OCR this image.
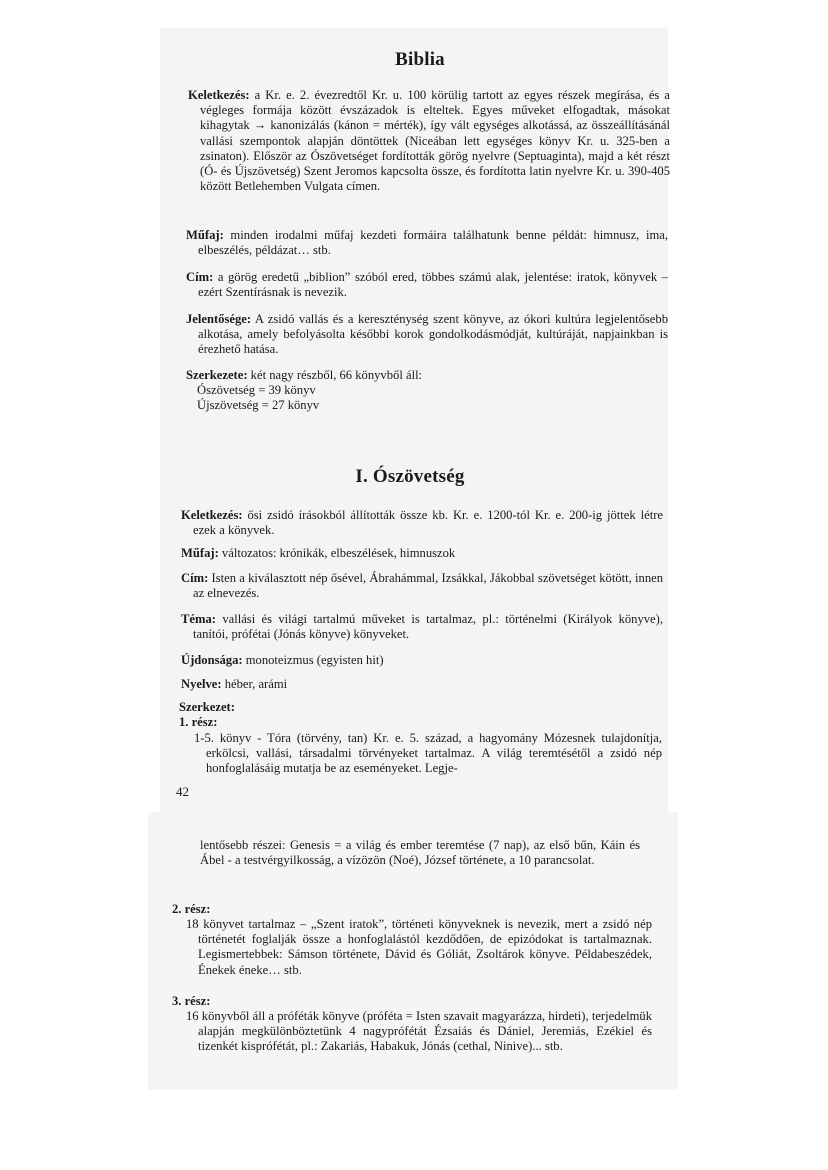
Biblia

Keletkezés: a Kr. e. 2. évezredtől Kr. u. 100 körülig tartott az egyes részek megírása, és a végleges formája között évszázadok is elteltek. Egyes műveket elfogadtak, másokat kihagytak → kanonizálás (kánon = mérték), így vált egységes alkotássá, az összeállításánál vallási szempontok alapján döntöttek (Niceában lett egységes könyv Kr. u. 325-ben a zsinaton). Először az Ószövetséget fordították görög nyelvre (Septuaginta), majd a két részt (Ó- és Újszövetség) Szent Jeromos kapcsolta össze, és fordította latin nyelvre Kr. u. 390-405 között Betlehemben Vulgata címen.

Műfaj: minden irodalmi műfaj kezdeti formáira találhatunk benne példát: himnusz, ima, elbeszélés, példázat… stb.

Cím: a görög eredetű „biblion” szóból ered, többes számú alak, jelentése: iratok, könyvek – ezért Szentírásnak is nevezik.

Jelentősége: A zsidó vallás és a kereszténység szent könyve, az ókori kultúra legjelentősebb alkotása, amely befolyásolta későbbi korok gondolkodásmódját, kultúráját, napjainkban is érezhető hatása.

Szerkezete: két nagy részből, 66 könyvből áll:

Ószövetség = 39 könyv

Újszövetség = 27 könyv

I. Ószövetség

Keletkezés: ősi zsidó írásokból állították össze kb. Kr. e. 1200-tól Kr. e. 200-ig jöttek létre ezek a könyvek.

Műfaj: változatos: krónikák, elbeszélések, himnuszok

Cím: Isten a kiválasztott nép ősével, Ábrahámmal, Izsákkal, Jákobbal szövetséget kötött, innen az elnevezés.

Téma: vallási és világi tartalmú műveket is tartalmaz, pl.: történelmi (Királyok könyve), tanítói, prófétai (Jónás könyve) könyveket.

Újdonsága: monoteizmus (egyisten hit)

Nyelve: héber, arámi

Szerkezet:

1. rész:

1-5. könyv - Tóra (törvény, tan) Kr. e. 5. század, a hagyomány Mózesnek tulajdonítja, erkölcsi, vallási, társadalmi törvényeket tartalmaz. A világ teremtésétől a zsidó nép honfoglalásáig mutatja be az eseményeket. Legje-

42

lentősebb részei: Genesis = a világ és ember teremtése (7 nap), az első bűn, Káin és Ábel - a testvérgyilkosság, a vízözön (Noé), József története, a 10 parancsolat.

2. rész:

18 könyvet tartalmaz – „Szent iratok”, történeti könyveknek is nevezik, mert a zsidó nép történetét foglalják össze a honfoglalástól kezdődően, de epizódokat is tartalmaznak. Legismertebbek: Sámson története, Dávid és Góliát, Zsoltárok könyve. Példabeszédek, Énekek éneke… stb.

3. rész:

16 könyvből áll a próféták könyve (próféta = Isten szavait magyarázza, hirdeti), terjedelmük alapján megkülönböztetünk 4 nagyprófétát Ézsaiás és Dániel, Jeremiás, Ezékiel és tizenkét kisprófétát, pl.: Zakariás, Habakuk, Jónás (cethal, Ninive)... stb.
